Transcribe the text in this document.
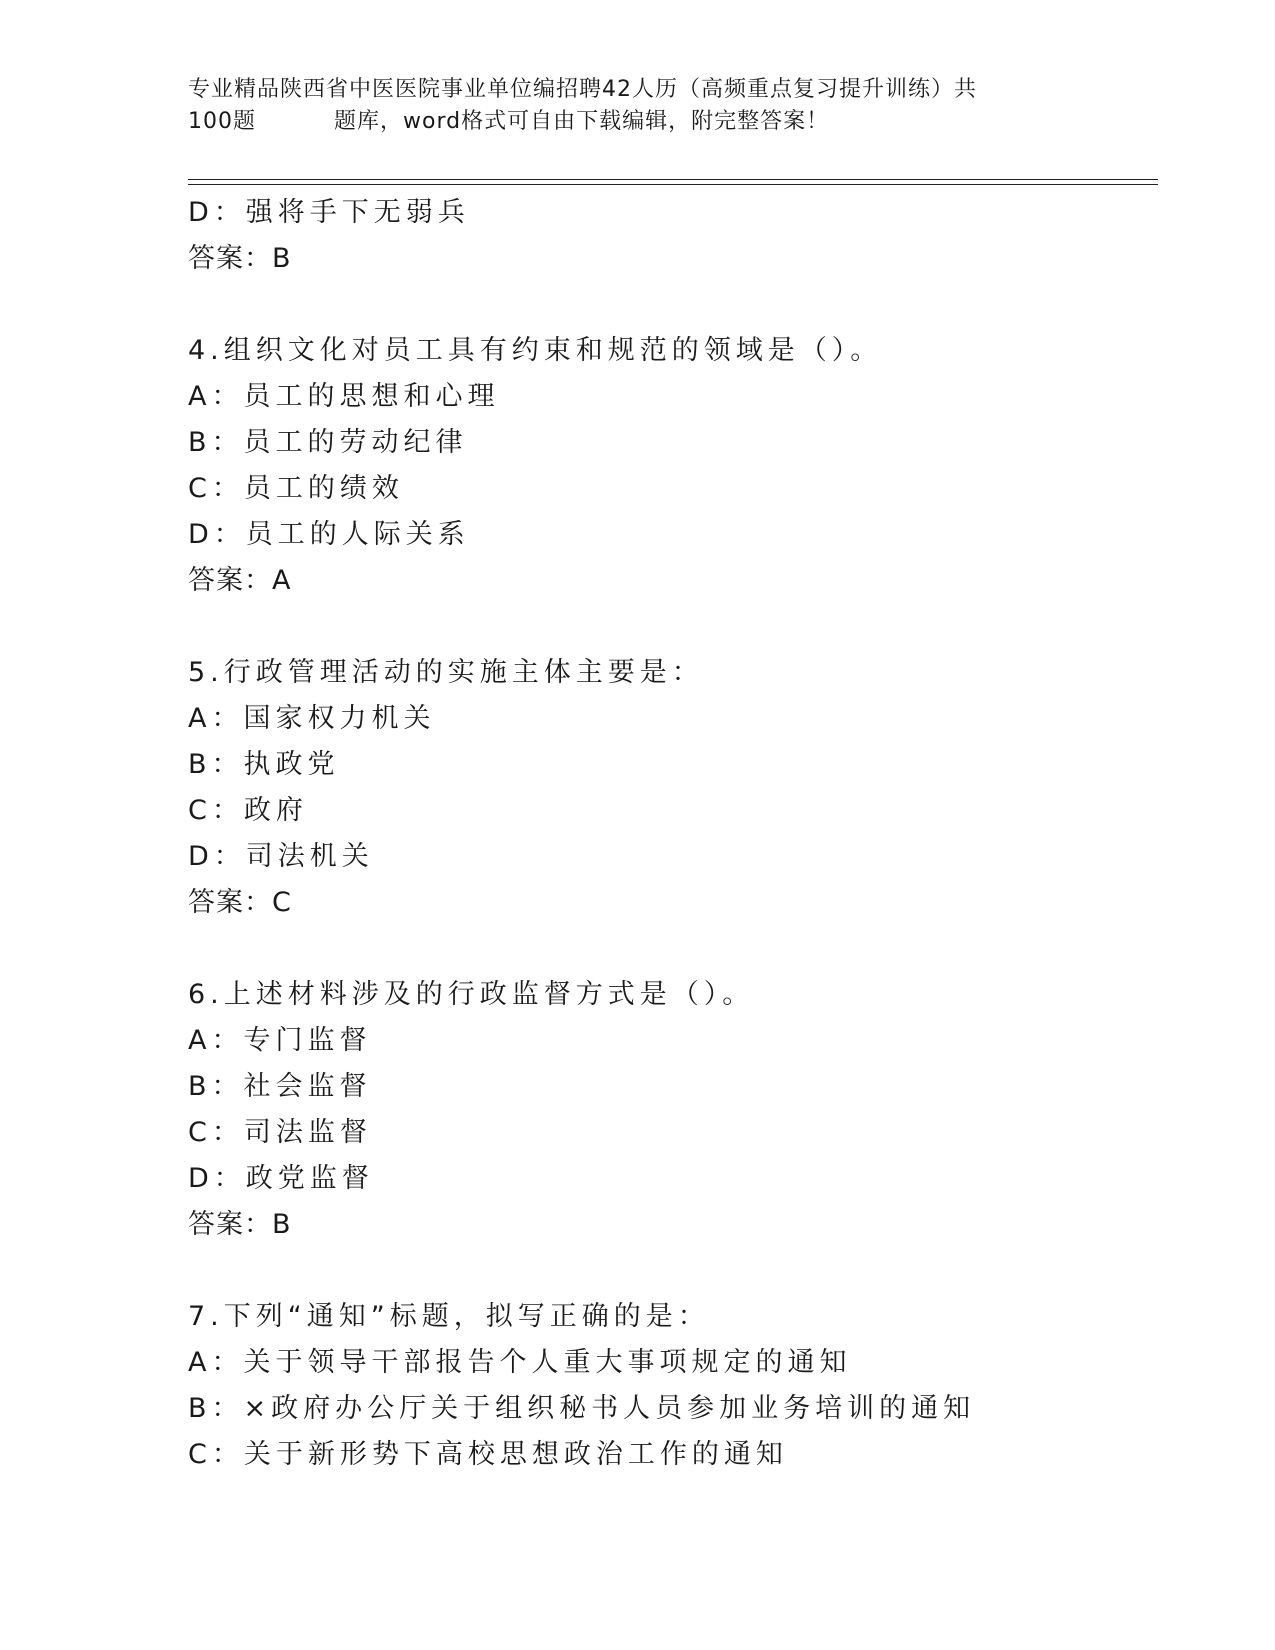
专业精品陕西省中医医院事业单位编招聘42人历（高频重点复习提升训练）共
100题	题库，word格式可自由下载编辑，附完整答案！
D：强将手下无弱兵
答案：B
4.组织文化对员工具有约束和规范的领域是（）。
A：员工的思想和心理
B：员工的劳动纪律
C：员工的绩效
D：员工的人际关系
答案：A
5.行政管理活动的实施主体主要是：
A：国家权力机关
B：执政党
C：政府
D：司法机关
答案：C
6.上述材料涉及的行政监督方式是（）。
A：专门监督
B：社会监督
C：司法监督
D：政党监督
答案：B
7.下列“通知”标题，拟写正确的是：
A：关于领导干部报告个人重大事项规定的通知
B：×政府办公厅关于组织秘书人员参加业务培训的通知
C：关于新形势下高校思想政治工作的通知
